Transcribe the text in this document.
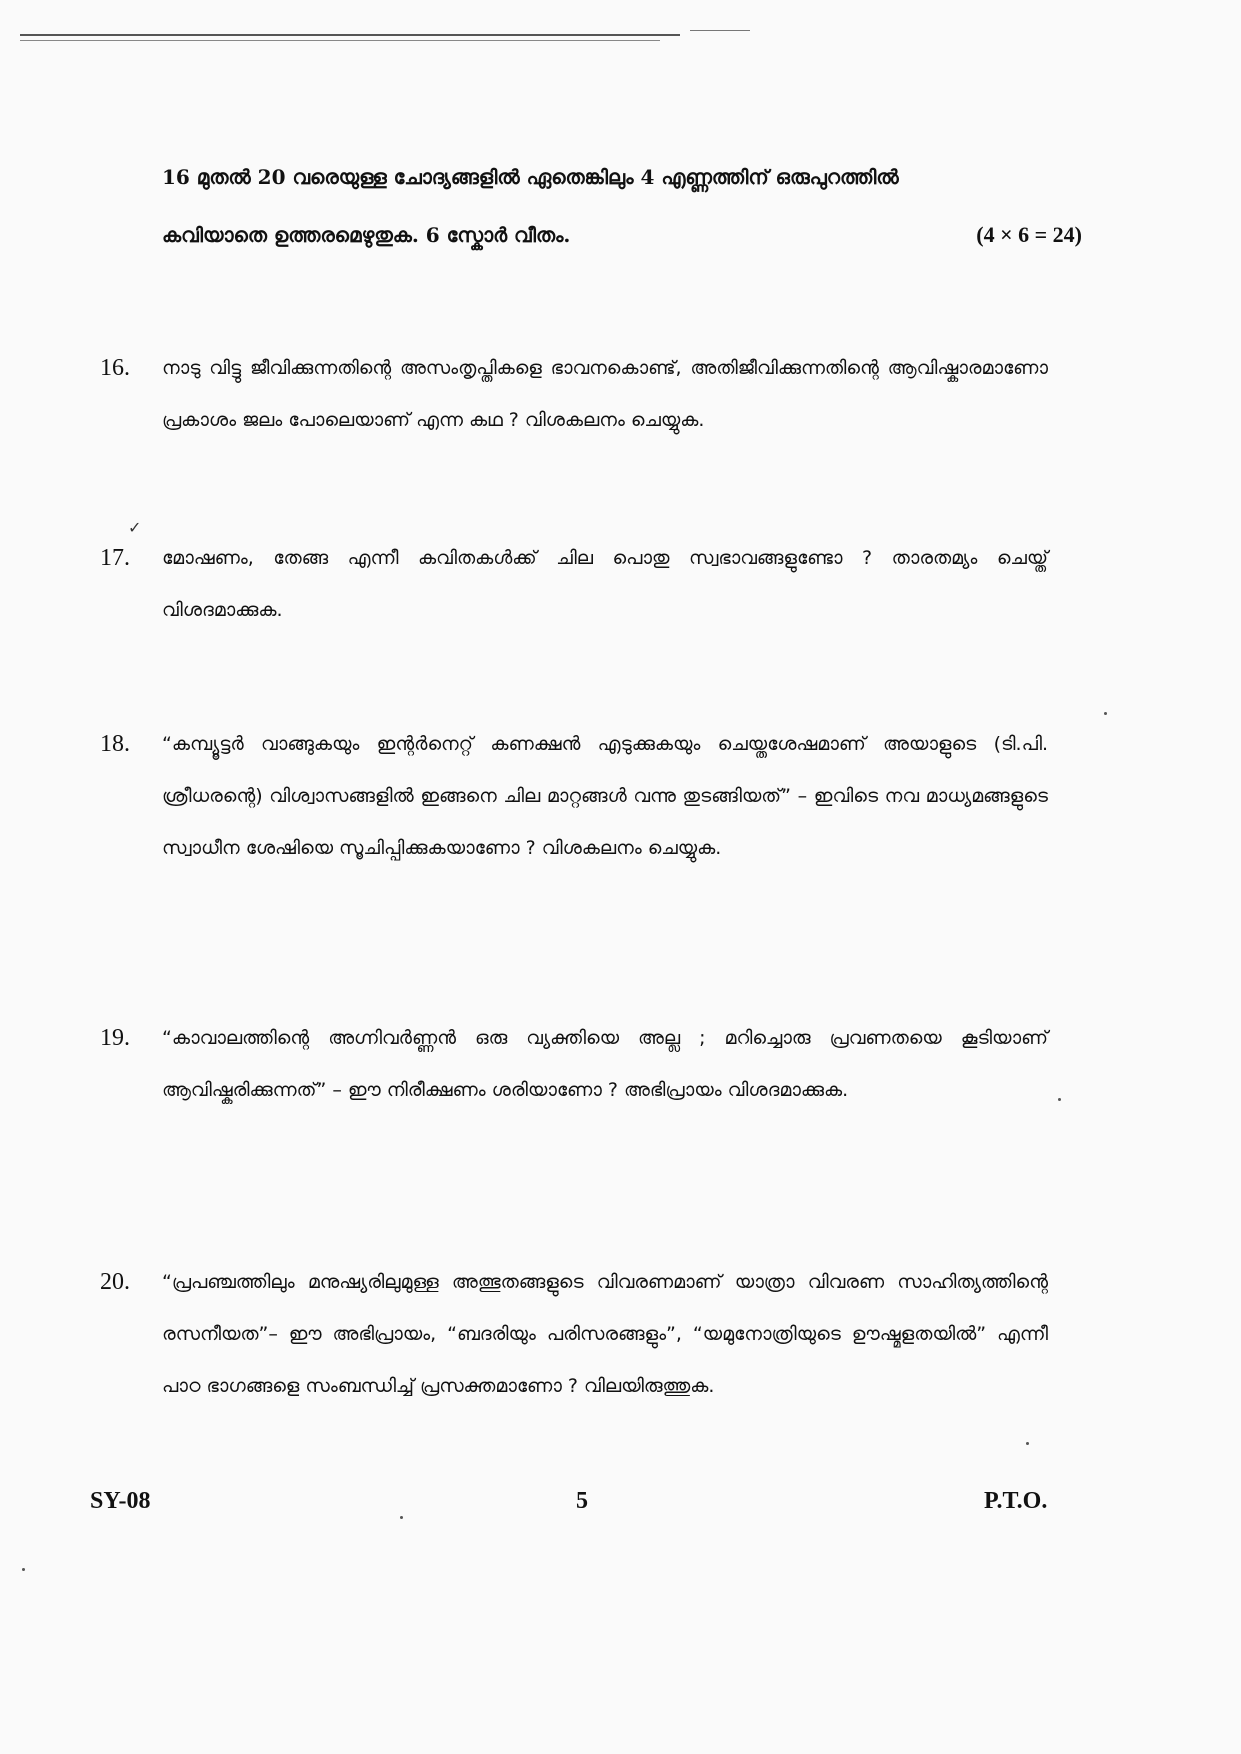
16 മുതൽ 20 വരെയുള്ള ചോദ്യങ്ങളിൽ ഏതെങ്കിലും 4 എണ്ണത്തിന് ഒരുപുറത്തിൽ
കവിയാതെ ഉത്തരമെഴുതുക. 6 സ്കോർ വീതം.	(4 × 6 = 24)
16. നാടു വിട്ടു ജീവിക്കുന്നതിന്റെ അസംതൃപ്തികളെ ഭാവനകൊണ്ട്, അതിജീവിക്കുന്നതിന്റെ ആവിഷ്കാരമാണോ പ്രകാശം ജലം പോലെയാണ് എന്ന കഥ ? വിശകലനം ചെയ്യുക.
✓
17. മോഷണം, തേങ്ങ എന്നീ കവിതകൾക്ക് ചില പൊതു സ്വഭാവങ്ങളുണ്ടോ ? താരതമ്യം ചെയ്ത് വിശദമാക്കുക.
18. “കമ്പ്യൂട്ടർ വാങ്ങുകയും ഇന്റർനെറ്റ് കണക്ഷൻ എടുക്കുകയും ചെയ്തശേഷമാണ് അയാളുടെ (ടി.പി. ശ്രീധരന്റെ) വിശ്വാസങ്ങളിൽ ഇങ്ങനെ ചില മാറ്റങ്ങൾ വന്നു തുടങ്ങിയത്” – ഇവിടെ നവ മാധ്യമങ്ങളുടെ സ്വാധീന ശേഷിയെ സൂചിപ്പിക്കുകയാണോ ? വിശകലനം ചെയ്യുക.
19. “കാവാലത്തിന്റെ അഗ്നിവർണ്ണൻ ഒരു വ്യക്തിയെ അല്ല ; മറിച്ചൊരു പ്രവണതയെ കൂടിയാണ് ആവിഷ്കരിക്കുന്നത്” – ഈ നിരീക്ഷണം ശരിയാണോ ? അഭിപ്രായം വിശദമാക്കുക.
20. “പ്രപഞ്ചത്തിലും മനുഷ്യരിലുമുള്ള അത്ഭുതങ്ങളുടെ വിവരണമാണ് യാത്രാ വിവരണ സാഹിത്യത്തിന്റെ രസനീയത”– ഈ അഭിപ്രായം, “ബദരിയും പരിസരങ്ങളും”, “യമുനോത്രിയുടെ ഊഷ്മളതയിൽ” എന്നീ പാഠ ഭാഗങ്ങളെ സംബന്ധിച്ച് പ്രസക്തമാണോ ? വിലയിരുത്തുക.
SY-08	5	P.T.O.
